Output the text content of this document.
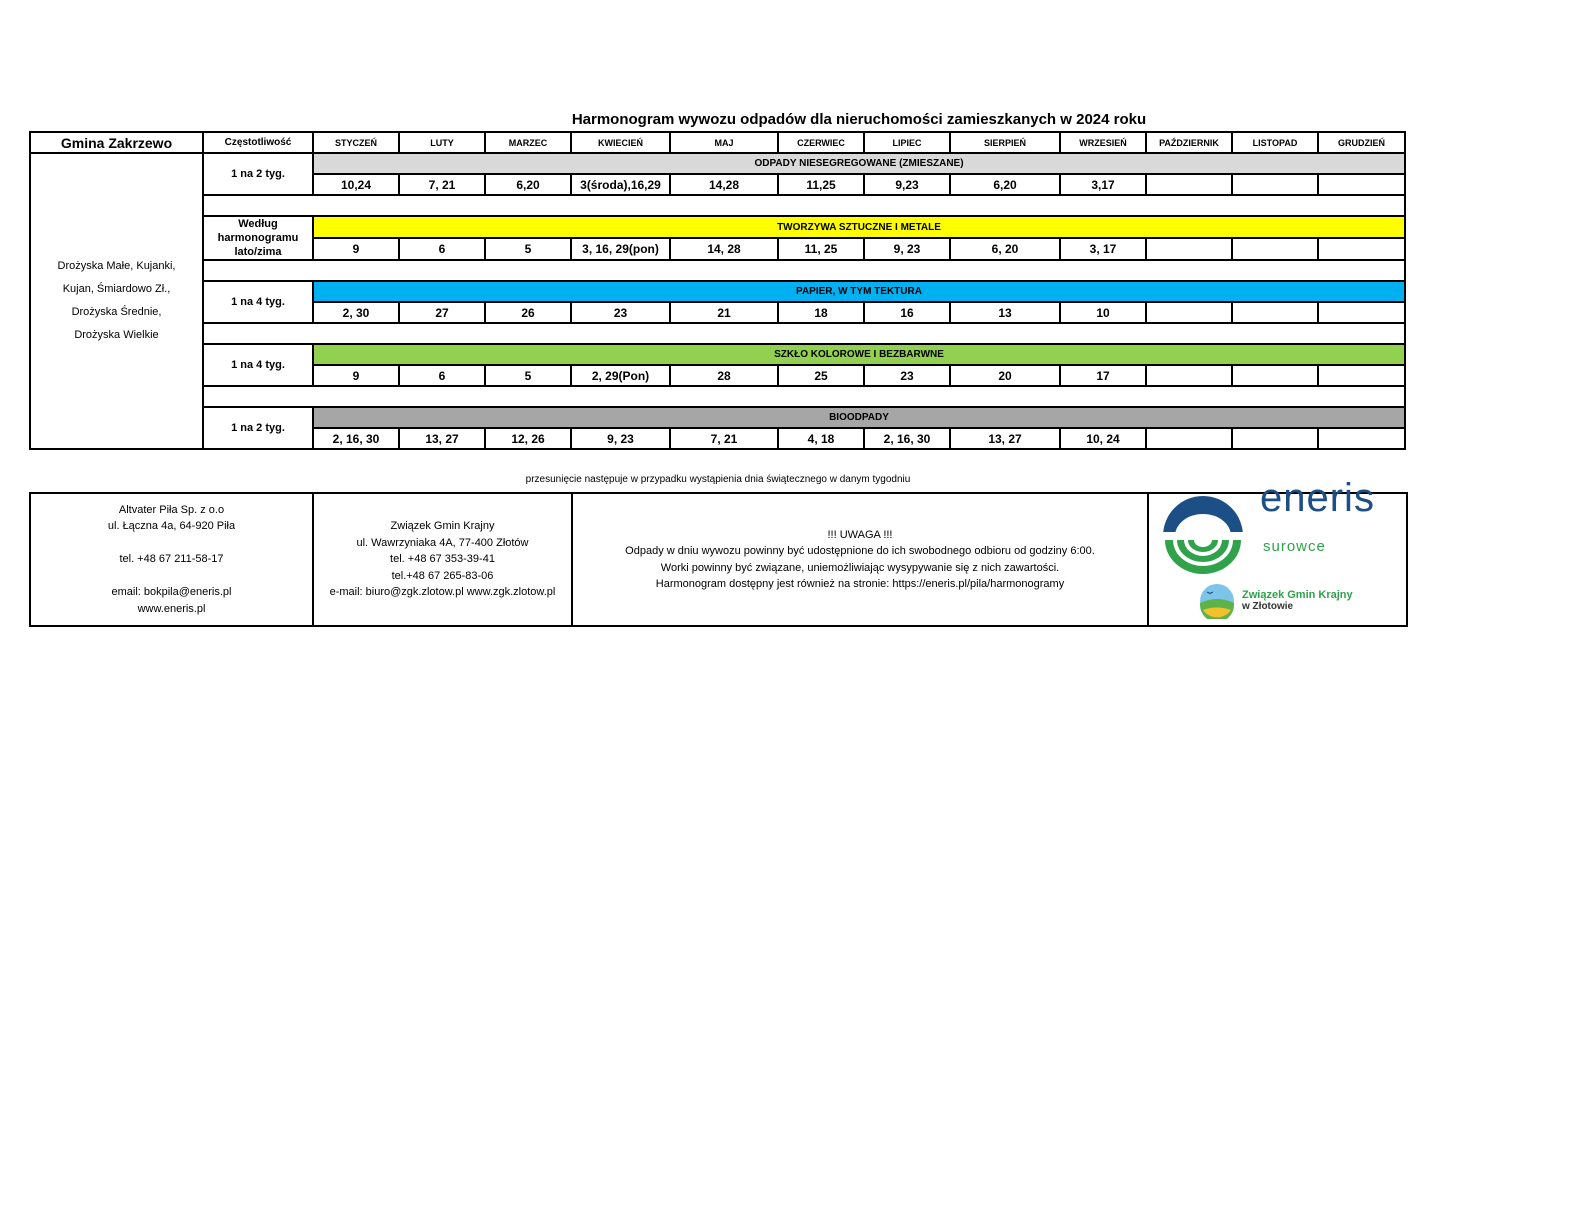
Harmonogram wywozu odpadów dla nieruchomości zamieszkanych w 2024 roku
Gmina Zakrzewo	Częstotliwość	STYCZEŃ	LUTY	MARZEC	KWIECIEŃ	MAJ	CZERWIEC	LIPIEC	SIERPIEŃ	WRZESIEŃ	PAŹDZIERNIK	LISTOPAD	GRUDZIEŃ

Drożyska Małe, Kujanki,
Kujan, Śmiardowo Zł.,
Drożyska Średnie,
Drożyska Wielkie	1 na 2 tyg.	ODPADY NIESEGREGOWANE (ZMIESZANE)											
		10,24	7, 21	6,20	3(środa),16,29	14,28	11,25	9,23	6,20	3,17			

	Według
harmonogramu
lato/zima	TWORZYWA SZTUCZNE I METALE											
		9	6	5	3, 16, 29(pon)	14, 28	11, 25	9, 23	6, 20	3, 17			

	1 na 4 tyg.	PAPIER, W TYM TEKTURA											
		2, 30	27	26	23	21	18	16	13	10			

	1 na 4 tyg.	SZKŁO KOLOROWE I BEZBARWNE											
		9	6	5	2, 29(Pon)	28	25	23	20	17			

	1 na 2 tyg.	BIOODPADY											
		2, 16, 30	13, 27	12, 26	9, 23	7, 21	4, 18	2, 16, 30	13, 27	10, 24			
przesunięcie następuje w przypadku wystąpienia dnia świątecznego w danym tygodniu
Altvater Piła Sp. z o.o
ul. Łączna 4a, 64-920 Piła
tel. +48 67 211-58-17
email: bokpila@eneris.pl
www.eneris.pl

Związek Gmin Krajny
ul. Wawrzyniaka 4A, 77-400 Złotów
tel. +48 67 353-39-41
tel.+48 67 265-83-06
e-mail: biuro@zgk.zlotow.pl www.zgk.zlotow.pl

!!! UWAGA !!!
Odpady w dniu wywozu powinny być udostępnione do ich swobodnego odbioru od godziny 6:00.
Worki powinny być związane, uniemożliwiając wysypywanie się z nich zawartości.
Harmonogram dostępny jest również na stronie: https://eneris.pl/pila/harmonogramy

eneris
surowce
Związek Gmin Krajny
w Złotowie
